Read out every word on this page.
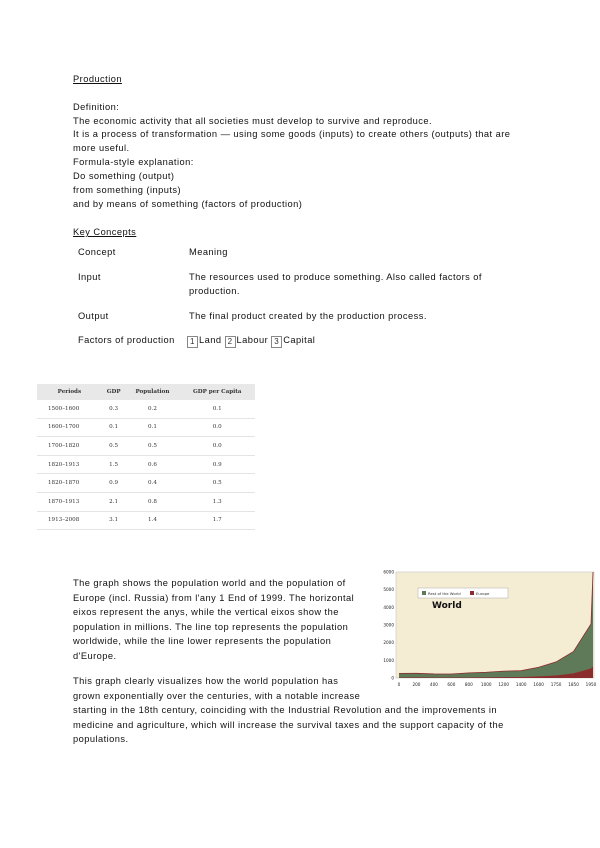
Production
Definition:
The economic activity that all societies must develop to survive and reproduce.
It is a process of transformation — using some goods (inputs) to create others (outputs) that are
more useful.
Formula-style explanation:
Do something (output)
from something (inputs)
and by means of something (factors of production)
Key Concepts
Concept	Meaning
Input	The resources used to produce something. Also called factors of production.
Output	The final product created by the production process.
Factors of production	1 Land 2 Labour 3 Capital
Periods	GDP	Population	GDP per Capita
1500–1600	0.3	0.2	0.1
1600–1700	0.1	0.1	0.0
1700–1820	0.5	0.5	0.0
1820–1913	1.5	0.6	0.9
1820–1870	0.9	0.4	0.5
1870–1913	2.1	0.8	1.3
1913–2008	3.1	1.4	1.7
The graph shows the population world and the population of
Europe (incl. Russia) from l'any 1 End of 1999. The horizontal
eixos represent the anys, while the vertical eixos show the
population in millions. The line top represents the population
worldwide, while the line lower represents the population
d'Europe.
This graph clearly visualizes how the world population has
grown exponentially over the centuries, with a notable increase
starting in the 18th century, coinciding with the Industrial Revolution and the improvements in
medicine and agriculture, which will increase the survival taxes and the support capacity of the
populations.
0
1000
2000
3000
4000
5000
6000
0	200 400 600 800 1000 1200 1400 1600 1750 1850 1950
Rest of the World	Europe
World
